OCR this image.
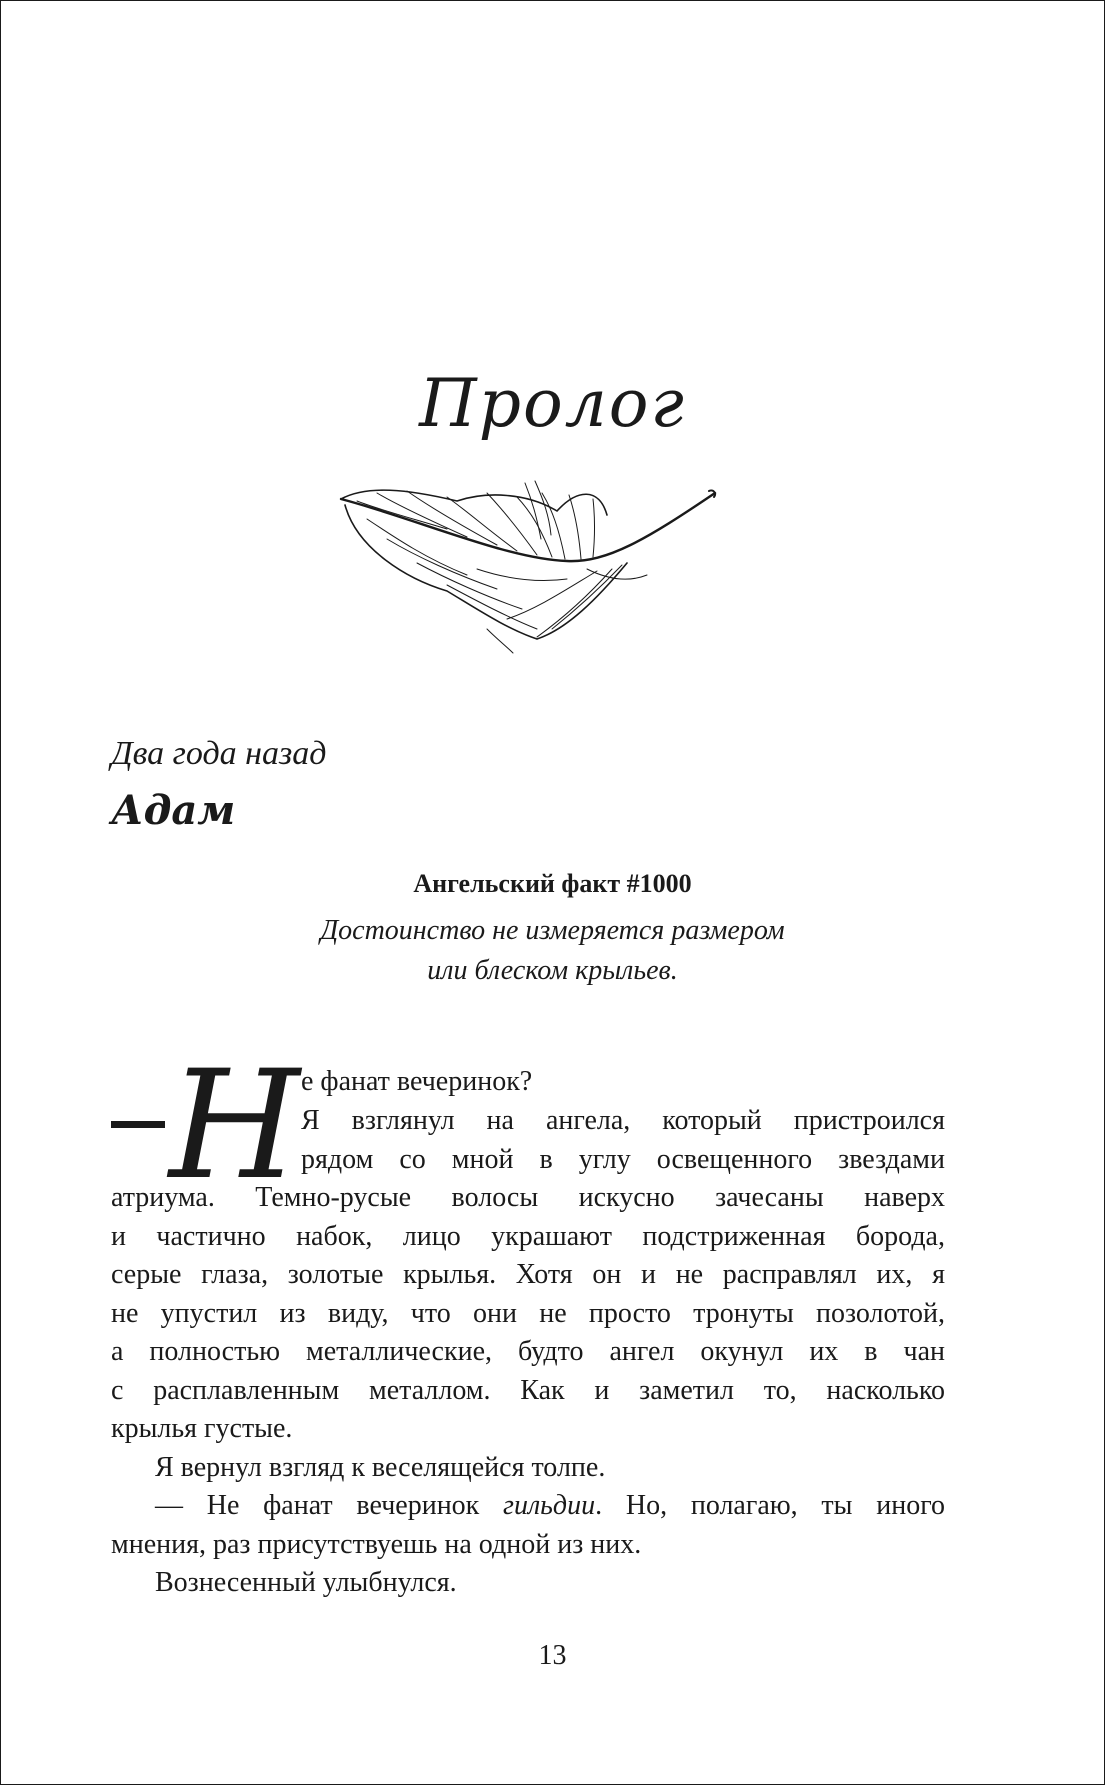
Пролог
Два года назад
Адам
Ангельский факт #1000
Достоинство не измеряется размером
или блеском крыльев.
Н е фанат вечеринок?
Я взглянул на ангела, который пристроился
рядом со мной в углу освещенного звездами
атриума. Темно-русые волосы искусно зачесаны наверх
и частично набок, лицо украшают подстриженная борода,
серые глаза, золотые крылья. Хотя он и не расправлял их, я
не упустил из виду, что они не просто тронуты позолотой,
а полностью металлические, будто ангел окунул их в чан
с расплавленным металлом. Как и заметил то, насколько
крылья густые.
Я вернул взгляд к веселящейся толпе.
— Не фанат вечеринок гильдии. Но, полагаю, ты иного
мнения, раз присутствуешь на одной из них.
Вознесенный улыбнулся.
13
